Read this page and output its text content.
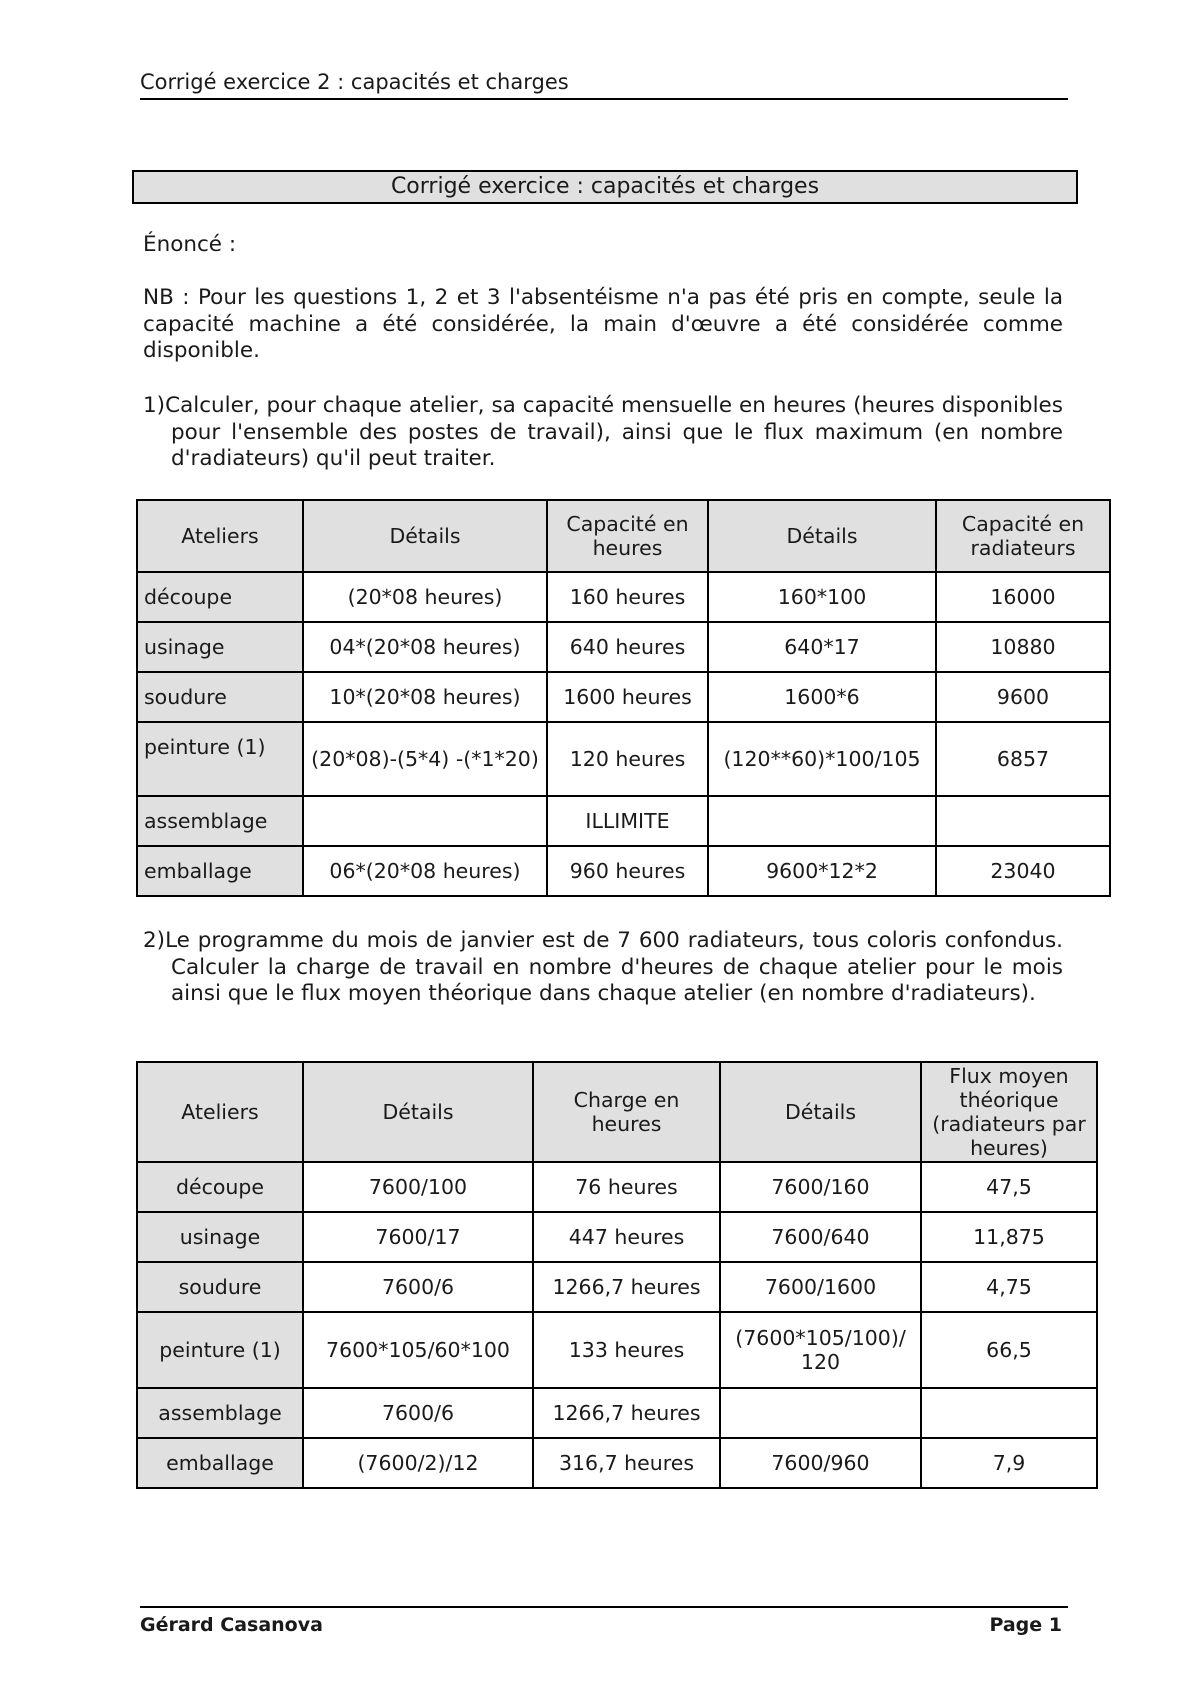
Corrigé exercice 2 : capacités et charges
Corrigé exercice : capacités et charges
Énoncé :
NB : Pour les questions 1, 2 et 3 l'absentéisme n'a pas été pris en compte, seule la capacité machine a été considérée, la main d'œuvre a été considérée comme disponible.
1)Calculer, pour chaque atelier, sa capacité mensuelle en heures (heures disponibles pour l'ensemble des postes de travail), ainsi que le flux maximum (en nombre d'radiateurs) qu'il peut traiter.
Ateliers	Détails	Capacité en heures	Détails	Capacité en radiateurs
découpe	(20*08 heures)	160 heures	160*100	16000
usinage	04*(20*08 heures)	640 heures	640*17	10880
soudure	10*(20*08 heures)	1600 heures	1600*6	9600
peinture (1)	(20*08)-(5*4) -(*1*20)	120 heures	(120**60)*100/105	6857
assemblage		ILLIMITE		
emballage	06*(20*08 heures)	960 heures	9600*12*2	23040
2)Le programme du mois de janvier est de 7 600 radiateurs, tous coloris confondus. Calculer la charge de travail en nombre d'heures de chaque atelier pour le mois ainsi que le flux moyen théorique dans chaque atelier (en nombre d'radiateurs).
Ateliers	Détails	Charge en heures	Détails	Flux moyen théorique (radiateurs par heures)
découpe	7600/100	76 heures	7600/160	47,5
usinage	7600/17	447 heures	7600/640	11,875
soudure	7600/6	1266,7 heures	7600/1600	4,75
peinture (1)	7600*105/60*100	133 heures	(7600*105/100)/ 120	66,5
assemblage	7600/6	1266,7 heures		
emballage	(7600/2)/12	316,7 heures	7600/960	7,9
Gérard Casanova	Page 1
